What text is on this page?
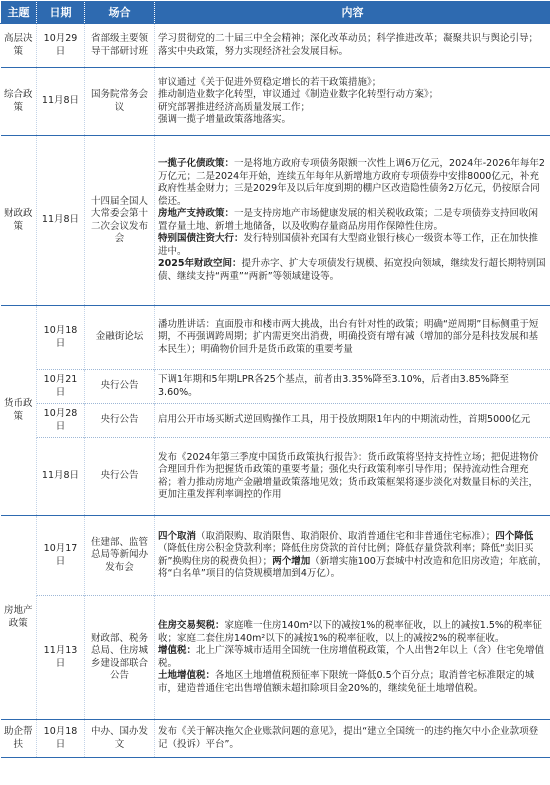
主题	日期	场合	内容
高层决策	10月29日	省部级主要领导干部研讨班	学习贯彻党的二十届三中全会精神；深化改革动员；科学推进改革；凝聚共识与舆论引导；落实中央政策，努力实现经济社会发展目标。
综合政策	11月8日	国务院常务会议	审议通过《关于促进外贸稳定增长的若干政策措施》；

推动制造业数字化转型，审议通过《制造业数字化转型行动方案》；

研究部署推进经济高质量发展工作；

强调一揽子增量政策落地落实。

财政政策	11月8日	十四届全国人大常委会第十二次会议发布会	一揽子化债政策：一是将地方政府专项债务限额一次性上调6万亿元，2024年-2026年每年2万亿元；二是2024年开始，连续五年每年从新增地方政府专项债券中安排8000亿元，补充政府性基金财力；三是2029年及以后年度到期的棚户区改造隐性债务2万亿元，仍按原合同偿还。

房地产支持政策：一是支持房地产市场健康发展的相关税收政策；二是专项债券支持回收闲置存量土地、新增土地储备，以及收购存量商品房用作保障性住房。

特别国债注资大行：发行特别国债补充国有大型商业银行核心一级资本等工作，正在加快推进中。

2025年财政空间：提升赤字、扩大专项债发行规模、拓宽投向领域，继续发行超长期特别国债、继续支持“两重”“两新”等领域建设等。

货币政策	10月18日	金融街论坛	潘功胜讲话：直面股市和楼市两大挑战，出台有针对性的政策；明确“逆周期”目标侧重于短期，不再强调跨周期；扩内需更突出消费，明确投资有增有减（增加的部分是科技发展和基本民生）；明确物价回升是货币政策的重要考量
	10月21日	央行公告	下调1年期和5年期LPR各25个基点，前者由3.35%降至3.10%，后者由3.85%降至3.60%。
	10月28日	央行公告	启用公开市场买断式逆回购操作工具，用于投放期限1年内的中期流动性，首期5000亿元
	11月8日	央行公告	发布《2024年第三季度中国货币政策执行报告》：货币政策将坚持支持性立场；把促进物价合理回升作为把握货币政策的重要考量；强化央行政策利率引导作用；保持流动性合理充裕；着力推动房地产金融增量政策落地见效；货币政策框架将逐步淡化对数量目标的关注，更加注重发挥利率调控的作用
房地产政策	10月17日	住建部、监管总局等新闻办发布会	四个取消（取消限购、取消限售、取消限价、取消普通住宅和非普通住宅标准）；四个降低（降低住房公积金贷款利率；降低住房贷款的首付比例；降低存量贷款利率；降低“卖旧买新”换购住房的税费负担）；两个增加（新增实施100万套城中村改造和危旧房改造；年底前，将“白名单”项目的信贷规模增加到4万亿）。

	11月13日	财政部、税务总局、住房城乡建设部联合公告	住房交易契税：家庭唯一住房140m²以下的减按1%的税率征收，以上的减按1.5%的税率征收；家庭二套住房140m²以下的减按1%的税率征收，以上的减按2%的税率征收。

增值税：北上广深等城市适用全国统一住房增值税政策，个人出售2年以上（含）住宅免增值税。

土地增值税：各地区土地增值税预征率下限统一降低0.5个百分点；取消普宅标准限定的城市，建造普通住宅出售增值额未超扣除项目金20%的，继续免征土地增值税。

助企帮扶	10月18日	中办、国办发文	发布《关于解决拖欠企业账款问题的意见》，提出“建立全国统一的违约拖欠中小企业款项登记（投诉）平台”。
